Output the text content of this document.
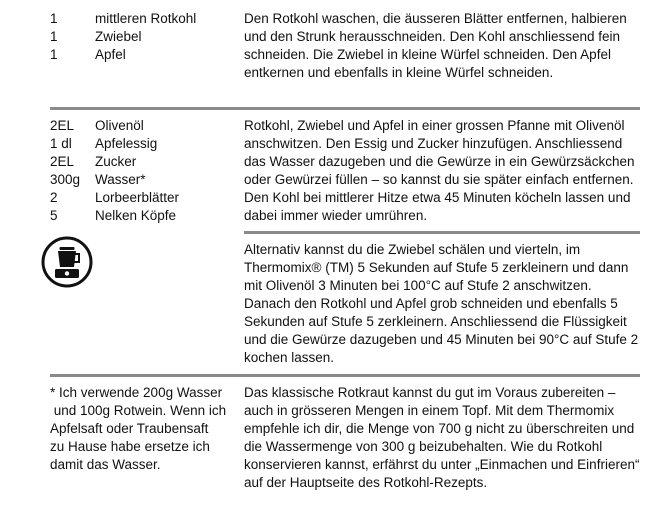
1	mittleren Rotkohl
1	Zwiebel
1	Apfel

Den Rotkohl waschen, die äusseren Blätter entfernen, halbieren und den Strunk herausschneiden. Den Kohl anschliessend fein schneiden. Die Zwiebel in kleine Würfel schneiden. Den Apfel entkernen und ebenfalls in kleine Würfel schneiden.

2EL	Olivenöl
1 dl	Apfelessig
2EL	Zucker
300g	Wasser*
2	Lorbeerblätter
5	Nelken Köpfe

Rotkohl, Zwiebel und Apfel in einer grossen Pfanne mit Olivenöl anschwitzen. Den Essig und Zucker hinzufügen. Anschliessend das Wasser dazugeben und die Gewürze in ein Gewürzsäckchen oder Gewürzei füllen – so kannst du sie später einfach entfernen. Den Kohl bei mittlerer Hitze etwa 45 Minuten köcheln lassen und dabei immer wieder umrühren.

Alternativ kannst du die Zwiebel schälen und vierteln, im Thermomix® (TM) 5 Sekunden auf Stufe 5 zerkleinern und dann mit Olivenöl 3 Minuten bei 100°C auf Stufe 2 anschwitzen. Danach den Rotkohl und Apfel grob schneiden und ebenfalls 5 Sekunden auf Stufe 5 zerkleinern. Anschliessend die Flüssigkeit und die Gewürze dazugeben und 45 Minuten bei 90°C auf Stufe 2 kochen lassen.

* Ich verwende 200g Wasser
und 100g Rotwein. Wenn ich
Apfelsaft oder Traubensaft
zu Hause habe ersetze ich
damit das Wasser.

Das klassische Rotkraut kannst du gut im Voraus zubereiten – auch in grösseren Mengen in einem Topf. Mit dem Thermomix empfehle ich dir, die Menge von 700 g nicht zu überschreiten und die Wassermenge von 300 g beizubehalten. Wie du Rotkohl konservieren kannst, erfährst du unter „Einmachen und Einfrieren“ auf der Hauptseite des Rotkohl-Rezepts.
